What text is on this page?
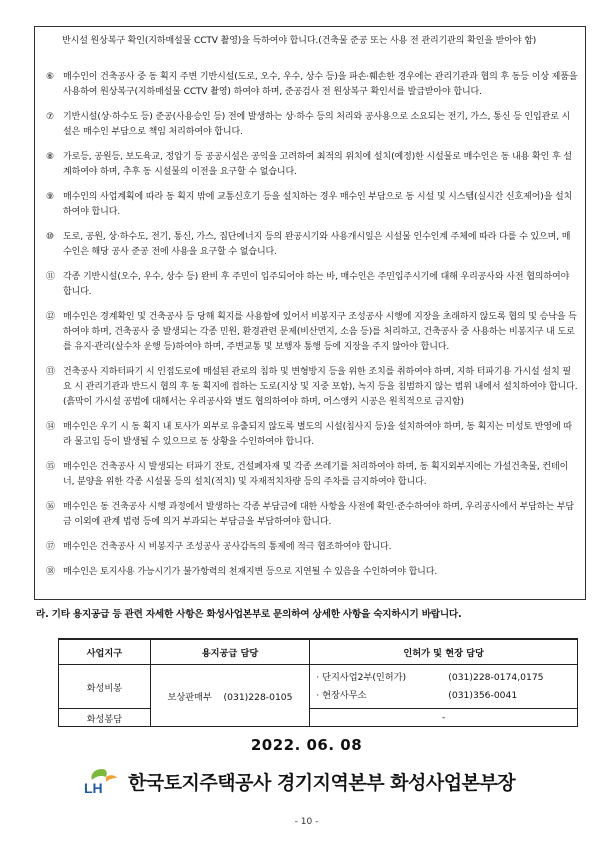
반시설 원상복구 확인(지하매설물 CCTV 촬영)을 득하여야 합니다.(건축물 준공 또는 사용 전 관리기관의 확인을 받아야 함)
⑥	매수인이 건축공사 중 동 획지 주변 기반시설(도로, 오수, 우수, 상수 등)을 파손·훼손한 경우에는 관리기관과 협의 후 동등 이상 제품을 사용하여 원상복구(지하매설물 CCTV 촬영) 하여야 하며, 준공검사 전 원상복구 확인서를 발급받아야 합니다.
⑦	기반시설(상·하수도 등) 준공(사용승인 등) 전에 발생하는 상·하수 등의 처리와 공사용으로 소요되는 전기, 가스, 통신 등 인입관로 시설은 매수인 부담으로 책임 처리하여야 합니다.
⑧	가로등, 공원등, 보도육교, 정압기 등 공공시설은 공익을 고려하여 최적의 위치에 설치(예정)한 시설물로 매수인은 동 내용 확인 후 설계하여야 하며, 추후 동 시설물의 이전을 요구할 수 없습니다.
⑨	매수인의 사업계획에 따라 동 획지 밖에 교통신호기 등을 설치하는 경우 매수인 부담으로 동 시설 및 시스템(실시간 신호제어)을 설치하여야 합니다.
⑩	도로, 공원, 상·하수도, 전기, 통신, 가스, 집단에너지 등의 완공시기와 사용개시일은 시설물 인수인계 주체에 따라 다를 수 있으며, 매수인은 해당 공사 준공 전에 사용을 요구할 수 없습니다.
⑪ 각종 기반시설(오수, 우수, 상수 등) 완비 후 주민이 입주되어야 하는 바, 매수인은 주민입주시기에 대해 우리공사와 사전 협의하여야 합니다.
⑫ 매수인은 경계확인 및 건축공사 등 당해 획지를 사용함에 있어서 비봉지구 조성공사 시행에 지장을 초래하지 않도록 협의 및 승낙을 득하여야 하며, 건축공사 중 발생되는 각종 민원, 환경관련 문제(비산먼지, 소음 등)를 처리하고, 건축공사 중 사용하는 비봉지구 내 도로를 유지·관리(살수차 운행 등)하여야 하며, 주변교통 및 보행자 통행 등에 지장을 주지 않아야 합니다.
⑬ 건축공사 지하터파기 시 인접도로에 매설된 관로의 침하 및 변형방지 등을 위한 조치를 취하여야 하며, 지하 터파기용 가시설 설치 필요 시 관리기관과 반드시 협의 후 동 획지에 접하는 도로(지상 및 지중 포함), 녹지 등을 침범하지 않는 범위 내에서 설치하여야 합니다.(흙막이 가시설 공법에 대해서는 우리공사와 별도 협의하여야 하며, 어스앵커 시공은 원칙적으로 금지함)
⑭ 매수인은 우기 시 동 획지 내 토사가 외부로 유출되지 않도록 별도의 시설(침사지 등)을 설치하여야 하며, 동 획지는 미성토 반영에 따라 물고임 등이 발생될 수 있으므로 동 상황을 수인하여야 합니다.
⑮ 매수인은 건축공사 시 발생되는 터파기 잔토, 건설폐자재 및 각종 쓰레기를 처리하여야 하며, 동 획지외부지에는 가설건축물, 컨테이너, 분양을 위한 각종 시설물 등의 설치(적치) 및 자재적치차량 등의 주차를 금지하여야 합니다.
⑯ 매수인은 동 건축공사 시행 과정에서 발생하는 각종 부담금에 대한 사항을 사전에 확인·준수하여야 하며, 우리공사에서 부담하는 부담금 이외에 관계 법령 등에 의거 부과되는 부담금을 부담하여야 합니다.
⑰ 매수인은 건축공사 시 비봉지구 조성공사 공사감독의 통제에 적극 협조하여야 합니다.
⑱ 매수인은 토지사용 가능시기가 불가항력의 천재지변 등으로 지연될 수 있음을 수인하여야 합니다.
라. 기타 용지공급 등 관련 자세한 사항은 화성사업본부로 문의하여 상세한 사항을 숙지하시기 바랍니다.
사업지구	용지공급 담당	인허가 및 현장 담당
화성비봉	보상판매부 (031)228-0105	· 단지사업2부(인허가) (031)228-0174,0175
· 현장사무소 (031)356-0041

화성봉담		-
2022. 06. 08
LH 한국토지주택공사 경기지역본부 화성사업본부장
- 10 -
